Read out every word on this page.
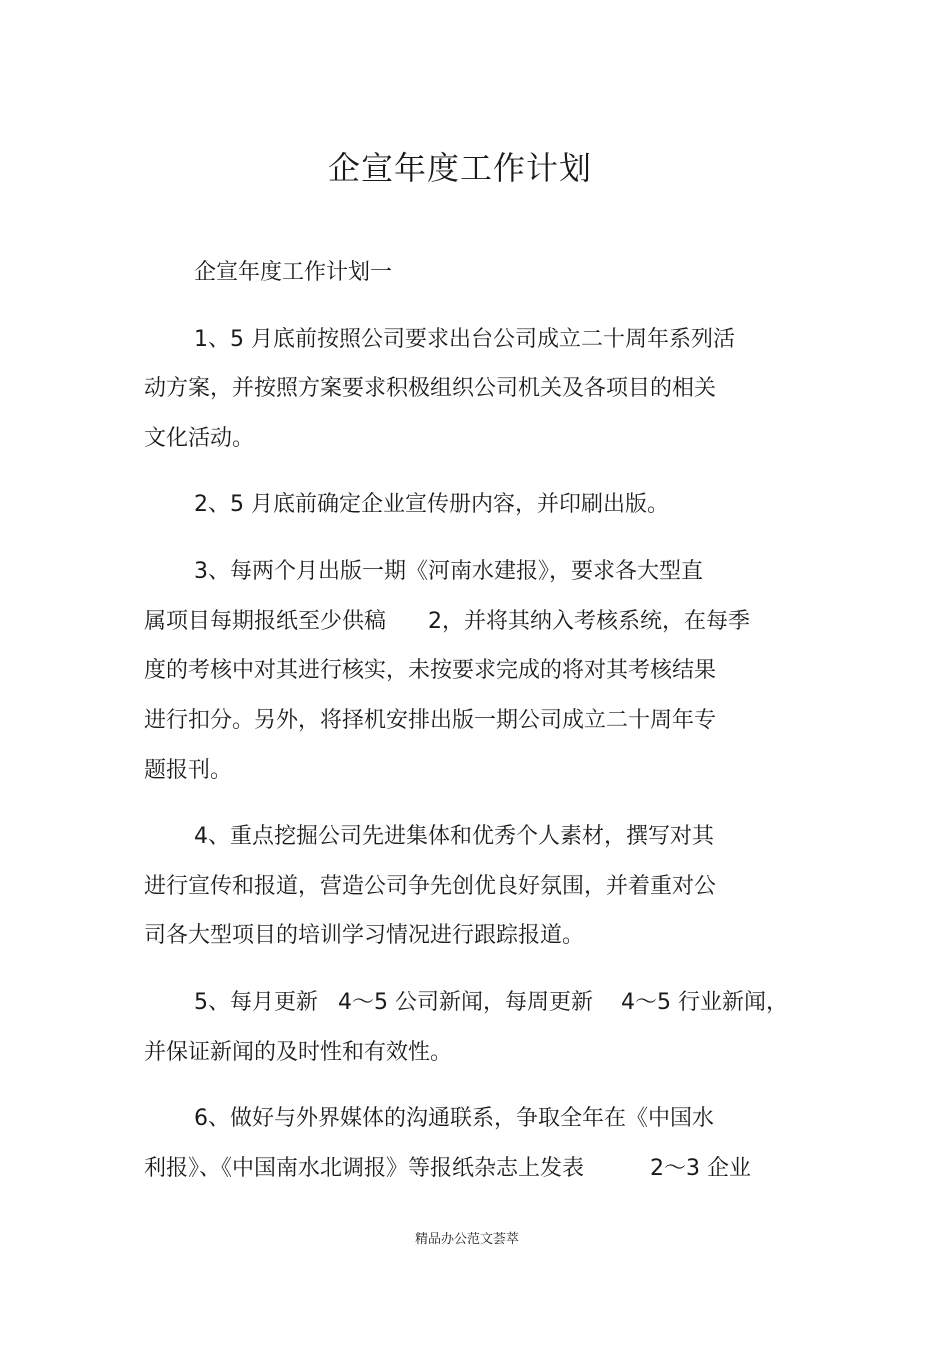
企宣年度工作计划
企宣年度工作计划一
1、5 月底前按照公司要求出台公司成立二十周年系列活
动方案，并按照方案要求积极组织公司机关及各项目的相关
文化活动。
2、5 月底前确定企业宣传册内容，并印刷出版。
3、每两个月出版一期《河南水建报》，要求各大型直
属项目每期报纸至少供稿 2，并将其纳入考核系统，在每季
度的考核中对其进行核实，未按要求完成的将对其考核结果
进行扣分。另外，将择机安排出版一期公司成立二十周年专
题报刊。
4、重点挖掘公司先进集体和优秀个人素材，撰写对其
进行宣传和报道，营造公司争先创优良好氛围，并着重对公
司各大型项目的培训学习情况进行跟踪报道。
5、每月更新 4～5 公司新闻，每周更新 4～5 行业新闻，
并保证新闻的及时性和有效性。
6、做好与外界媒体的沟通联系，争取全年在《中国水
利报》、《中国南水北调报》等报纸杂志上发表	2～3 企业
精品办公范文荟萃
